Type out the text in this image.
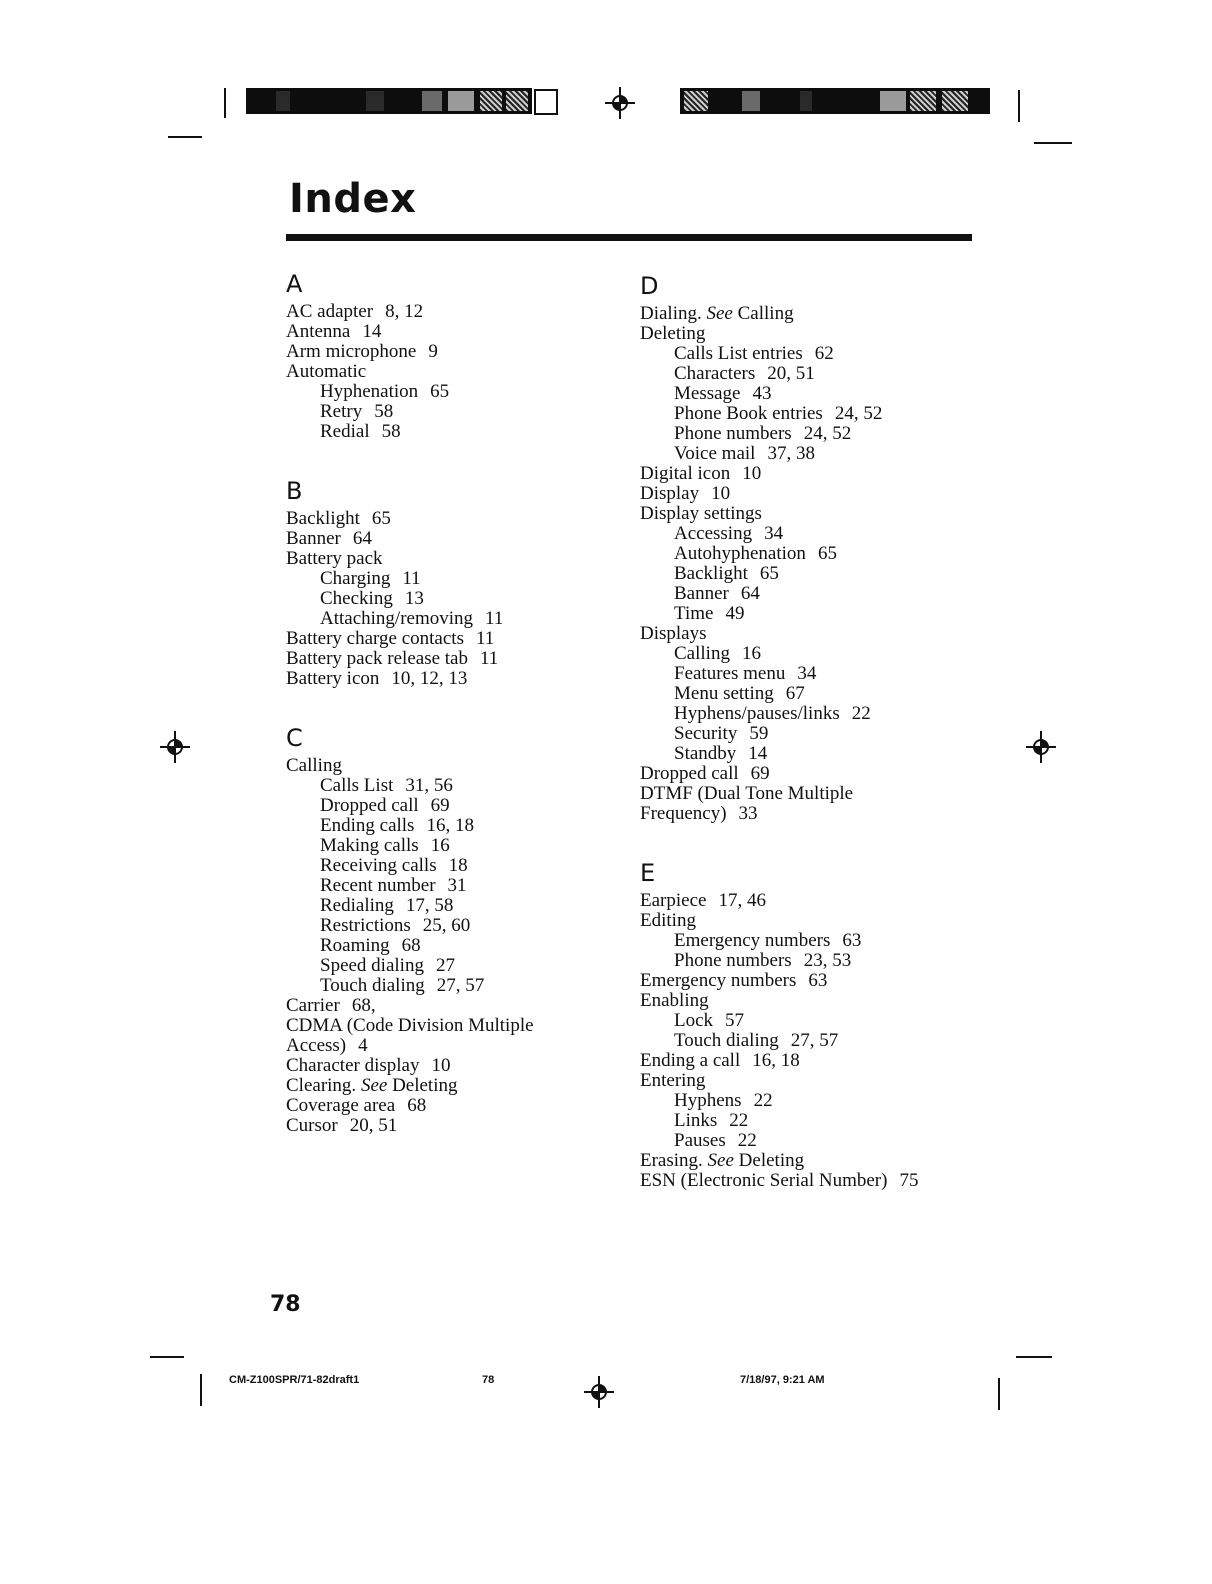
Index
A
AC adapter 8, 12
Antenna 14
Arm microphone 9
Automatic
Hyphenation 65
Retry 58
Redial 58
B
Backlight 65
Banner 64
Battery pack
Charging 11
Checking 13
Attaching/removing 11
Battery charge contacts 11
Battery pack release tab 11
Battery icon 10, 12, 13
C
Calling
Calls List 31, 56
Dropped call 69
Ending calls 16, 18
Making calls 16
Receiving calls 18
Recent number 31
Redialing 17, 58
Restrictions 25, 60
Roaming 68
Speed dialing 27
Touch dialing 27, 57
Carrier 68,
CDMA (Code Division Multiple
Access) 4
Character display 10
Clearing. See Deleting
Coverage area 68
Cursor 20, 51
D
Dialing. See Calling
Deleting
Calls List entries 62
Characters 20, 51
Message 43
Phone Book entries 24, 52
Phone numbers 24, 52
Voice mail 37, 38
Digital icon 10
Display 10
Display settings
Accessing 34
Autohyphenation 65
Backlight 65
Banner 64
Time 49
Displays
Calling 16
Features menu 34
Menu setting 67
Hyphens/pauses/links 22
Security 59
Standby 14
Dropped call 69
DTMF (Dual Tone Multiple
Frequency) 33
E
Earpiece 17, 46
Editing
Emergency numbers 63
Phone numbers 23, 53
Emergency numbers 63
Enabling
Lock 57
Touch dialing 27, 57
Ending a call 16, 18
Entering
Hyphens 22
Links 22
Pauses 22
Erasing. See Deleting
ESN (Electronic Serial Number) 75
78
CM-Z100SPR/71-82draft1	78	7/18/97, 9:21 AM
